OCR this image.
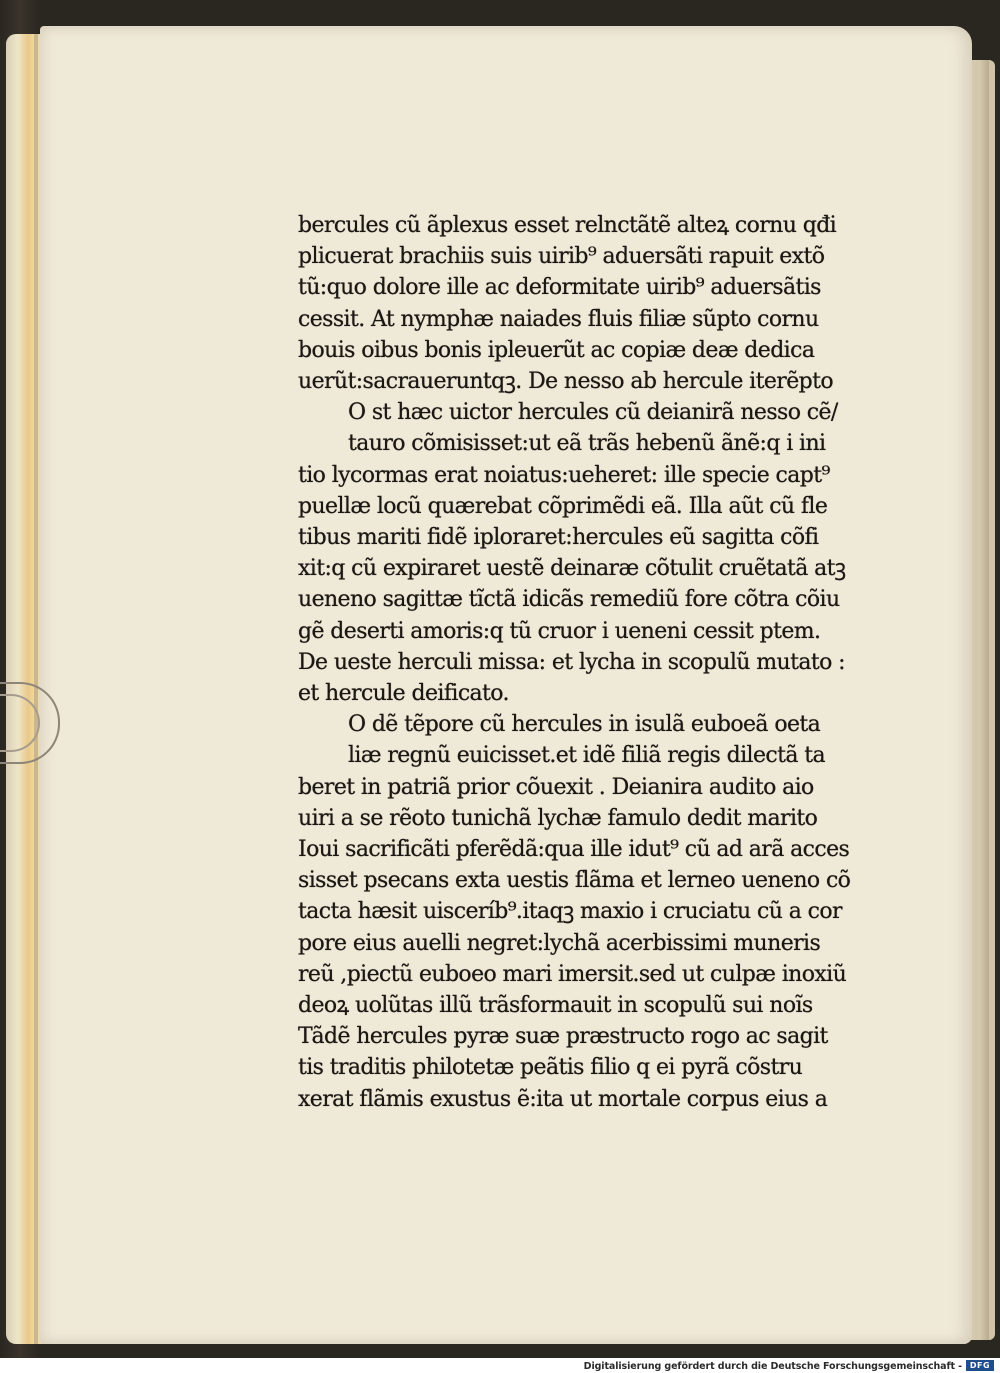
bercules cũ ãplexus esset relnctãtẽ alteꝝ cornu qđi
plicuerat brachiis suis uirib⁹ aduersãti rapuit extõ
tũ:quo dolore ille ac deformitate uirib⁹ aduersãtis
cessit. At nymphæ naiades fluis filiæ sũpto cornu
bouis oibus bonis ipleuerũt ac copiæ deæ dedica
uerũt:sacraueruntqꝫ. De nesso ab hercule iterẽpto
O st hæc uictor hercules cũ deianirã nesso cẽ/
tauro cõmisisset:ut eã trãs hebenũ ãnẽ:q i ini
tio lycormas erat noiatus:ueheret: ille specie capt⁹
puellæ locũ quærebat cõprimẽdi eã. Illa aũt cũ fle
tibus mariti fidẽ iploraret:hercules eũ sagitta cõfi
xit:q cũ expiraret uestẽ deinaræ cõtulit cruẽtatã atꝫ
ueneno sagittæ tĩctã idicãs remediũ fore cõtra cõiu
gẽ deserti amoris:q tũ cruor i ueneni cessit ptem.
De ueste herculi missa: et lycha in scopulũ mutato :
et hercule deificato.
O dẽ tẽpore cũ hercules in isulã euboeã oeta
liæ regnũ euicisset.et idẽ filiã regis dilectã ta
beret in patriã prior cõuexit . Deianira audito aio
uiri a se rẽoto tunichã lychæ famulo dedit marito
Ioui sacrificãti pferẽdã:qua ille idut⁹ cũ ad arã acces
sisset psecans exta uestis flãma et lerneo ueneno cõ
tacta hæsit uisceríb⁹.itaqꝫ maxio i cruciatu cũ a cor
pore eius auelli negret:lychã acerbissimi muneris
reũ ,piectũ euboeo mari imersit.sed ut culpæ inoxiũ
deoꝝ uolũtas illũ trãsformauit in scopulũ sui noĩs
Tãdẽ hercules pyræ suæ præstructo rogo ac sagit
tis traditis philotetæ peãtis filio q ei pyrã cõstru
xerat flãmis exustus ẽ:ita ut mortale corpus eius a
Digitalisierung gefördert durch die Deutsche Forschungsgemeinschaft - DFG
